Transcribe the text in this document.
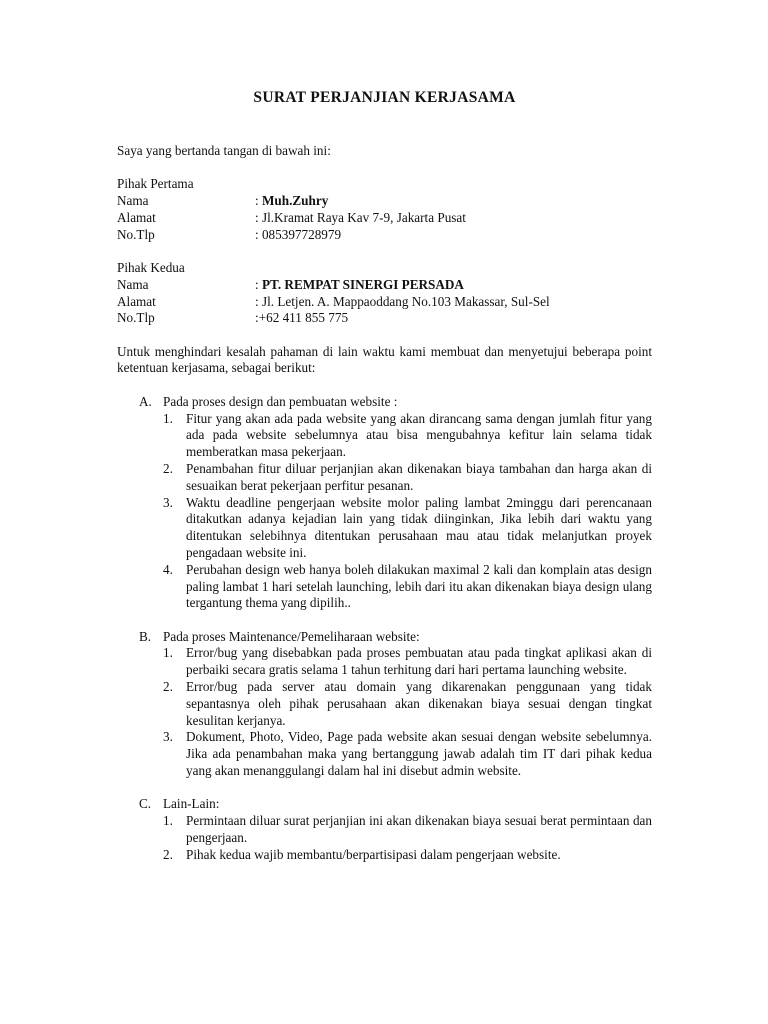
SURAT PERJANJIAN KERJASAMA

Saya yang bertanda tangan di bawah ini:

Pihak Pertama

Nama	: Muh.Zuhry
Alamat	: Jl.Kramat Raya Kav 7-9, Jakarta Pusat
No.Tlp	: 085397728979

Pihak Kedua

Nama	: PT. REMPAT SINERGI PERSADA
Alamat	: Jl. Letjen. A. Mappaoddang No.103 Makassar, Sul-Sel
No.Tlp	:+62 411 855 775

Untuk menghindari kesalah pahaman di lain waktu kami membuat dan menyetujui beberapa point ketentuan kerjasama, sebagai berikut:

A. Pada proses design dan pembuatan website :
1. Fitur yang akan ada pada website yang akan dirancang sama dengan jumlah fitur yang ada pada website sebelumnya atau bisa mengubahnya kefitur lain selama tidak memberatkan masa pekerjaan.
2. Penambahan fitur diluar perjanjian akan dikenakan biaya tambahan dan harga akan di sesuaikan berat pekerjaan perfitur pesanan.
3. Waktu deadline pengerjaan website molor paling lambat 2minggu dari perencanaan ditakutkan adanya kejadian lain yang tidak diinginkan, Jika lebih dari waktu yang ditentukan selebihnya ditentukan perusahaan mau atau tidak melanjutkan proyek pengadaan website ini.
4. Perubahan design web hanya boleh dilakukan maximal 2 kali dan komplain atas design paling lambat 1 hari setelah launching, lebih dari itu akan dikenakan biaya design ulang tergantung thema yang dipilih..
B. Pada proses Maintenance/Pemeliharaan website:
1. Error/bug yang disebabkan pada proses pembuatan atau pada tingkat aplikasi akan di perbaiki secara gratis selama 1 tahun terhitung dari hari pertama launching website.
2. Error/bug pada server atau domain yang dikarenakan penggunaan yang tidak sepantasnya oleh pihak perusahaan akan dikenakan biaya sesuai dengan tingkat kesulitan kerjanya.
3. Dokument, Photo, Video, Page pada website akan sesuai dengan website sebelumnya. Jika ada penambahan maka yang bertanggung jawab adalah tim IT dari pihak kedua yang akan menanggulangi dalam hal ini disebut admin website.
C. Lain-Lain:
1. Permintaan diluar surat perjanjian ini akan dikenakan biaya sesuai berat permintaan dan pengerjaan.
2. Pihak kedua wajib membantu/berpartisipasi dalam pengerjaan website.
